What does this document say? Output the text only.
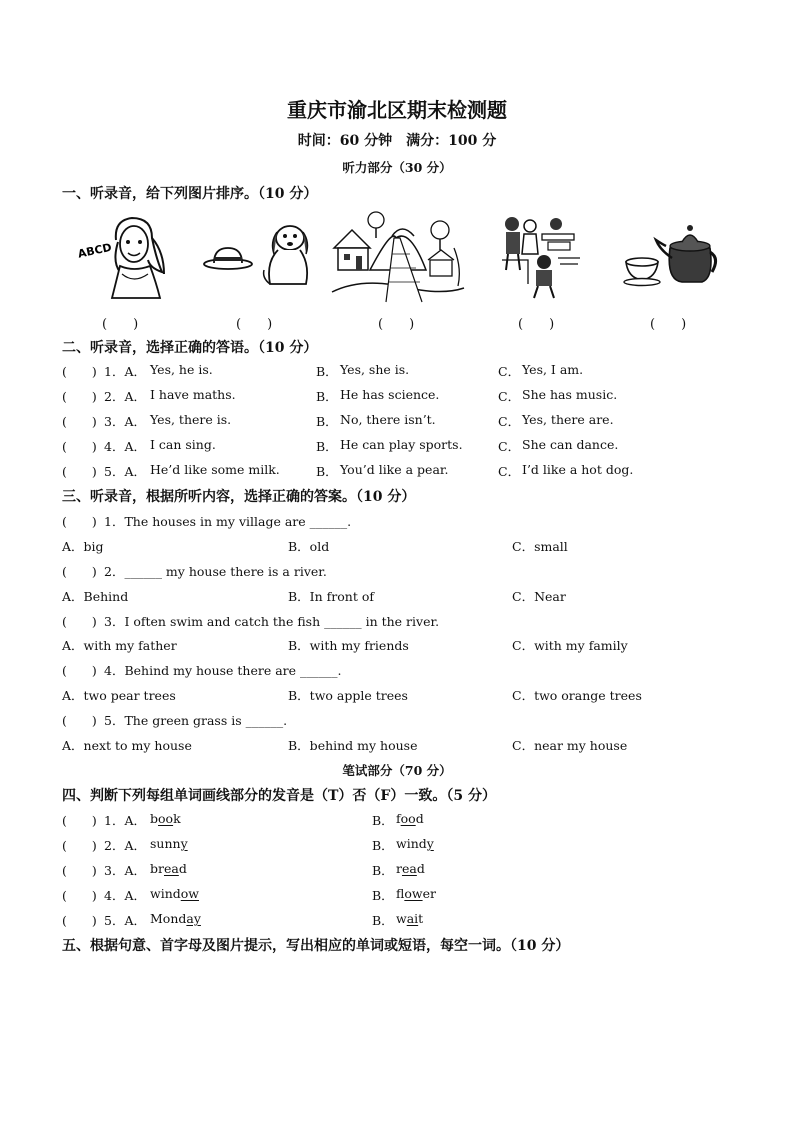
重庆市渝北区期末检测题
时间：60 分钟　满分：100 分
听力部分（30 分）
一、听录音，给下列图片排序。（10 分）
ABCD
(　　)	(　　)	(　　)	(　　)	(　　)
二、听录音，选择正确的答语。（10 分）
(　　) 1．A． Yes, he is.	B． Yes, she is.	C． Yes, I am.
(　　) 2．A． I have maths.	B． He has science.	C． She has music.
(　　) 3．A． Yes, there is.	B． No, there isn’t.	C． Yes, there are.
(　　) 4．A． I can sing.	B． He can play sports.	C． She can dance.
(　　) 5．A． He’d like some milk.	B． You’d like a pear.	C． I’d like a hot dog.
三、听录音，根据所听内容，选择正确的答案。（10 分）
(　　) 1．The houses in my village are ______.
A．big	B．old	C．small
(　　) 2．______ my house there is a river.
A．Behind	B．In front of	C．Near
(　　) 3．I often swim and catch the fish ______ in the river.
A．with my father	B．with my friends	C．with my family
(　　) 4．Behind my house there are ______.
A．two pear trees	B．two apple trees	C．two orange trees
(　　) 5．The green grass is ______.
A．next to my house	B．behind my house	C．near my house
笔试部分（70 分）
四、判断下列每组单词画线部分的发音是（T）否（F）一致。（5 分）
(　　) 1．A． book	B． food
(　　) 2．A． sunny	B． windy
(　　) 3．A． bread	B． read
(　　) 4．A． window	B． flower
(　　) 5．A． Monday	B． wait
五、根据句意、首字母及图片提示，写出相应的单词或短语，每空一词。（10 分）
